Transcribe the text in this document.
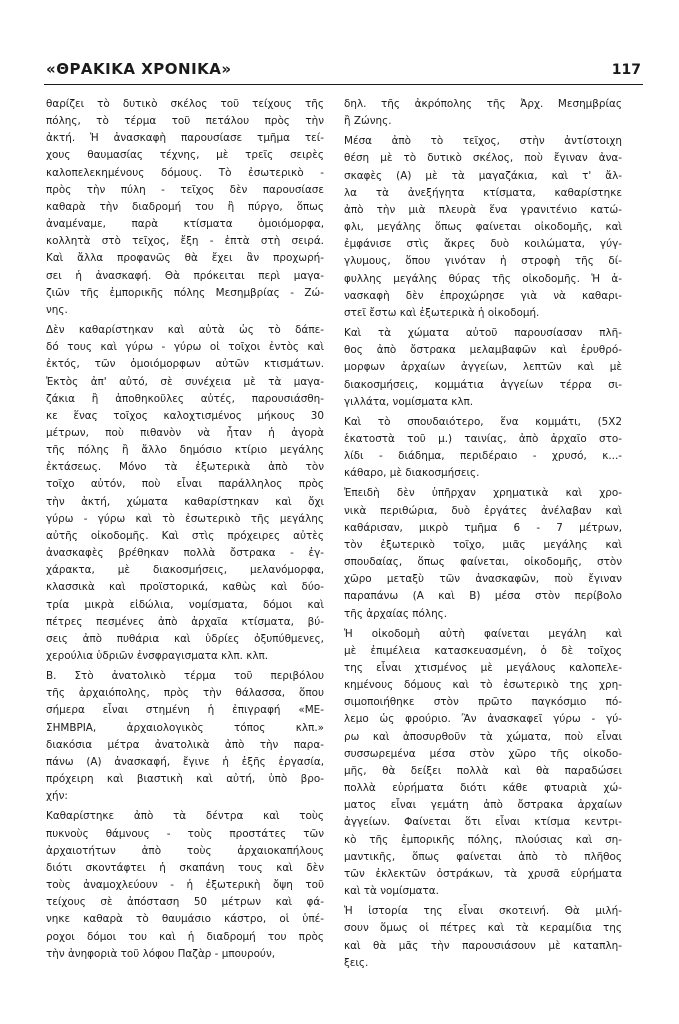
«ΘΡΑΚΙΚΑ ΧΡΟΝΙΚΑ»	117

θαρίζει τὸ δυτικὸ σκέλος τοῦ τείχους τῆς
πόλης, τὸ τέρμα τοῦ πετάλου πρὸς τὴν
ἀκτή. Ἡ ἀνασκαφὴ παρουσίασε τμῆμα τεί-
χους θαυμασίας τέχνης, μὲ τρεῖς σειρὲς
καλοπελεκημένους δόμους. Τὸ ἐσωτερικὸ -
πρὸς τὴν πύλη - τεῖχος δὲν παρουσίασε
καθαρὰ τὴν διαδρομή του ἢ πύργο, ὅπως
ἀναμέναμε, παρὰ κτίσματα ὁμοιόμορφα,
κολλητὰ στὸ τεῖχος, ἔξη - ἑπτὰ στὴ σειρά.
Καὶ ἄλλα προφανῶς θὰ ἔχει ἂν προχωρή-
σει ἡ ἀνασκαφή. Θὰ πρόκειται περὶ μαγα-
ζιῶν τῆς ἐμπορικῆς πόλης Μεσημβρίας - Ζώ-
νης.

Δὲν καθαρίστηκαν καὶ αὐτὰ ὡς τὸ δάπε-
δό τους καὶ γύρω - γύρω οἱ τοῖχοι ἐντὸς καὶ
ἐκτός, τῶν ὁμοιόμορφων αὐτῶν κτισμάτων.
Ἐκτὸς ἀπ' αὐτό, σὲ συνέχεια μὲ τὰ μαγα-
ζάκια ἢ ἀποθηκοῦλες αὐτές, παρουσιάσθη-
κε ἕνας τοῖχος καλοχτισμένος μήκους 30
μέτρων, ποὺ πιθανὸν νὰ ἦταν ἡ ἀγορὰ
τῆς πόλης ἢ ἄλλο δημόσιο κτίριο μεγάλης
ἐκτάσεως. Μόνο τὰ ἐξωτερικὰ ἀπὸ τὸν
τοῖχο αὐτόν, ποὺ εἶναι παράλληλος πρὸς
τὴν ἀκτή, χώματα καθαρίστηκαν καὶ ὄχι
γύρω - γύρω καὶ τὸ ἐσωτερικὸ τῆς μεγάλης
αὐτῆς οἰκοδομῆς. Καὶ στὶς πρόχειρες αὐτὲς
ἀνασκαφὲς βρέθηκαν πολλὰ ὄστρακα - ἐγ-
χάρακτα, μὲ διακοσμήσεις, μελανόμορφα,
κλασσικὰ καὶ προϊστορικά, καθὼς καὶ δύο-
τρία μικρὰ εἰδώλια, νομίσματα, δόμοι καὶ
πέτρες πεσμένες ἀπὸ ἀρχαῖα κτίσματα, βύ-
σεις ἀπὸ πυθάρια καὶ ὑδρίες ὀξυπύθμενες,
χερούλια ὑδριῶν ἐνσφραγισματα κλπ. κλπ.

Β. Στὸ ἀνατολικὸ τέρμα τοῦ περιβόλου
τῆς ἀρχαιόπολης, πρὸς τὴν θάλασσα, ὅπου
σήμερα εἶναι στημένη ἡ ἐπιγραφή «ΜΕ-
ΣΗΜΒΡΙΑ, ἀρχαιολογικὸς τόπος κλπ.»
διακόσια μέτρα ἀνατολικὰ ἀπὸ τὴν παρα-
πάνω (Α) ἀνασκαφή, ἔγινε ἡ ἑξῆς ἐργασία,
πρόχειρη καὶ βιαστικὴ καὶ αὐτή, ὑπὸ βρο-
χήν:

Καθαρίστηκε ἀπὸ τὰ δέντρα καὶ τοὺς
πυκνοὺς θάμνους - τοὺς προστάτες τῶν
ἀρχαιοτήτων ἀπὸ τοὺς ἀρχαιοκαπήλους
διότι σκοντάφτει ἡ σκαπάνη τους καὶ δὲν
τοὺς ἀναμοχλεύουν - ἡ ἐξωτερικὴ ὄψη τοῦ
τείχους σὲ ἀπόσταση 50 μέτρων καὶ φά-
νηκε καθαρὰ τὸ θαυμάσιο κάστρο, οἱ ὑπέ-
ροχοι δόμοι του καὶ ἡ διαδρομή του πρὸς
τὴν ἀνηφοριὰ τοῦ λόφου Παζὰρ - μπουρούν,

δηλ. τῆς ἀκρόπολης τῆς Ἀρχ. Μεσημβρίας
ἢ Ζώνης.

Μέσα ἀπὸ τὸ τεῖχος, στὴν ἀντίστοιχη
θέση μὲ τὸ δυτικὸ σκέλος, ποὺ ἔγιναν ἀνα-
σκαφὲς (Α) μὲ τὰ μαγαζάκια, καὶ τ' ἄλ-
λα τὰ ἀνεξήγητα κτίσματα, καθαρίστηκε
ἀπὸ τὴν μιὰ πλευρὰ ἕνα γρανιτένιο κατώ-
φλι, μεγάλης ὅπως φαίνεται οἰκοδομῆς, καὶ
ἐμφάνισε στὶς ἄκρες δυὸ κοιλώματα, γύγ-
γλυμους, ὅπου γινόταν ἡ στροφὴ τῆς δί-
φυλλης μεγάλης θύρας τῆς οἰκοδομῆς. Ἡ ἀ-
νασκαφὴ δὲν ἐπροχώρησε γιὰ νὰ καθαρι-
στεῖ ἔστω καὶ ἐξωτερικὰ ἡ οἰκοδομή.

Καὶ τὰ χώματα αὐτοῦ παρουσίασαν πλῆ-
θος ἀπὸ ὄστρακα μελαμβαφῶν καὶ ἐρυθρό-
μορφων ἀρχαίων ἀγγείων, λεπτῶν καὶ μὲ
διακοσμήσεις, κομμάτια ἀγγείων τέρρα σι-
γιλλάτα, νομίσματα κλπ.

Καὶ τὸ σπουδαιότερο, ἕνα κομμάτι, (5Χ2
ἑκατοστὰ τοῦ μ.) ταινίας, ἀπὸ ἀρχαῖο στο-
λίδι - διάδημα, περιδέραιο - χρυσό, κ...-
κάθαρο, μὲ διακοσμήσεις.

Ἐπειδὴ δὲν ὑπῆρχαν χρηματικὰ καὶ χρο-
νικὰ περιθώρια, δυὸ ἐργάτες ἀνέλαβαν καὶ
καθάρισαν, μικρὸ τμῆμα 6 - 7 μέτρων,
τὸν ἐξωτερικὸ τοῖχο, μιᾶς μεγάλης καὶ
σπουδαίας, ὅπως φαίνεται, οἰκοδομῆς, στὸν
χῶρο μεταξὺ τῶν ἀνασκαφῶν, ποὺ ἔγιναν
παραπάνω (Α καὶ Β) μέσα στὸν περίβολο
τῆς ἀρχαίας πόλης.

Ἡ οἰκοδομὴ αὐτὴ φαίνεται μεγάλη καὶ
μὲ ἐπιμέλεια κατασκευασμένη, ὁ δὲ τοῖχος
της εἶναι χτισμένος μὲ μεγάλους καλοπελε-
κημένους δόμους καὶ τὸ ἐσωτερικὸ της χρη-
σιμοποιήθηκε στὸν πρῶτο παγκόσμιο πό-
λεμο ὡς φρούριο. Ἂν ἀνασκαφεῖ γύρω - γύ-
ρω καὶ ἀποσυρθοῦν τὰ χώματα, ποὺ εἶναι
συσσωρεμένα μέσα στὸν χῶρο τῆς οἰκοδο-
μῆς, θὰ δείξει πολλὰ καὶ θὰ παραδώσει
πολλὰ εὑρήματα διότι κάθε φτυαριὰ χώ-
ματος εἶναι γεμάτη ἀπὸ ὄστρακα ἀρχαίων
ἀγγείων. Φαίνεται ὅτι εἶναι κτίσμα κεντρι-
κὸ τῆς ἐμπορικῆς πόλης, πλούσιας καὶ ση-
μαντικῆς, ὅπως φαίνεται ἀπὸ τὸ πλῆθος
τῶν ἐκλεκτῶν ὀστράκων, τὰ χρυσᾶ εὑρήματα
καὶ τὰ νομίσματα.

Ἡ ἱστορία της εἶναι σκοτεινή. Θὰ μιλή-
σουν ὅμως οἱ πέτρες καὶ τὰ κεραμίδια της
καὶ θὰ μᾶς τὴν παρουσιάσουν μὲ καταπλη-
ξεις.
